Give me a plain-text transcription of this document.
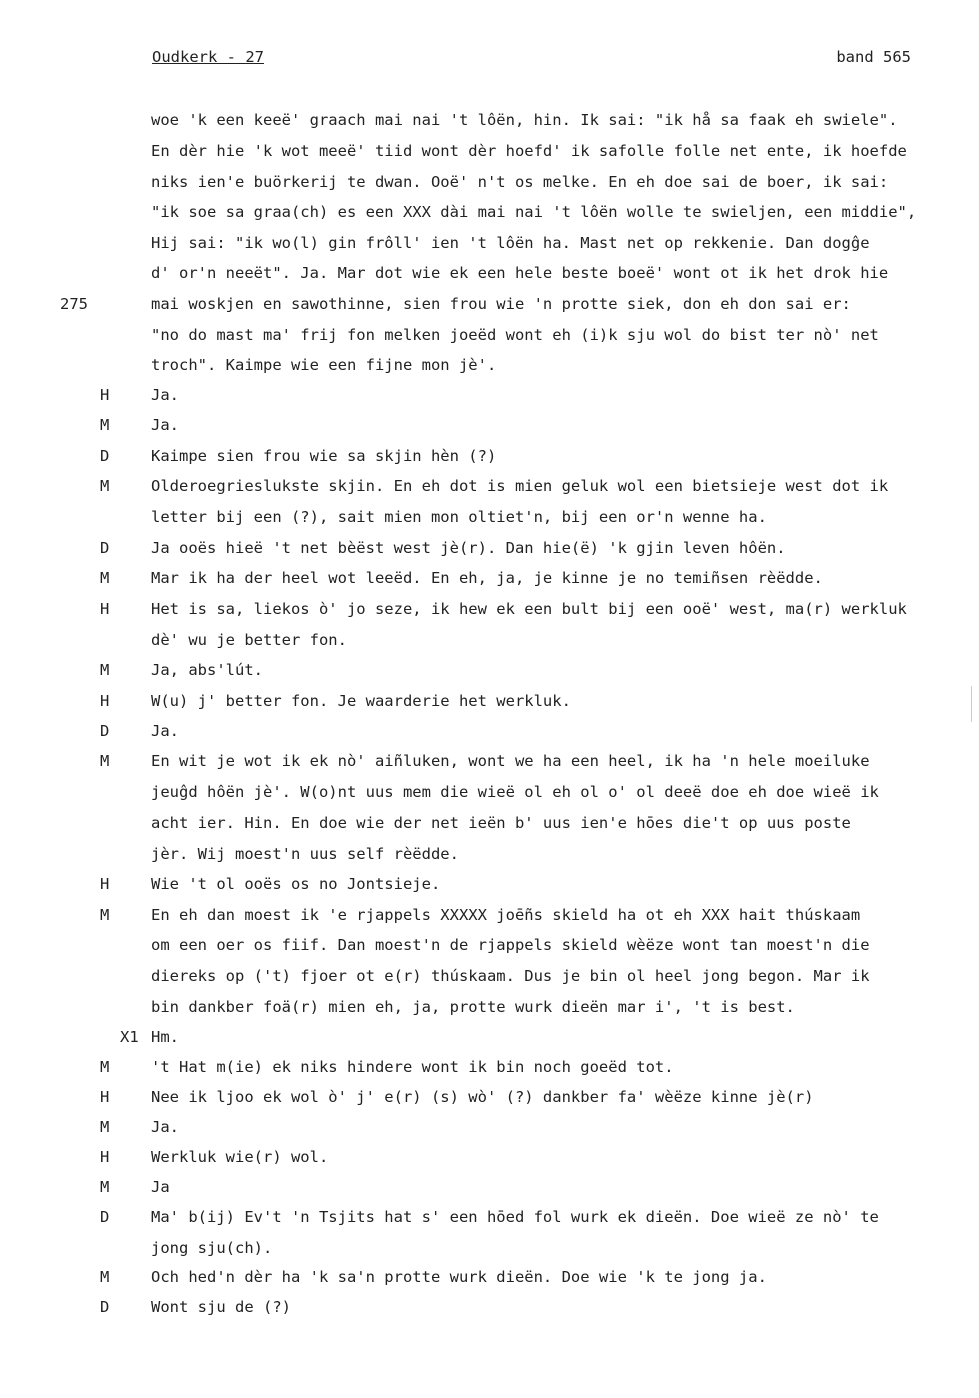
Oudkerk - 27	band 565
woe 'k een keeë' graach mai nai 't lôën, hin. Ik sai: "ik hå sa faak eh swiele".
En dèr hie 'k wot meeë' tiid wont dèr hoefd' ik safolle folle net ente, ik hoefde
niks ien'e buörkerij te dwan. Ooë' n't os melke. En eh doe sai de boer, ik sai:
"ik soe sa graa(ch) es een XXX dài mai nai 't lôën wolle te swieljen, een middie",
Hij sai: "ik wo(l) gin frôll' ien 't lôën ha. Mast net op rekkenie. Dan dogĝe
d' or'n neeët". Ja. Mar dot wie ek een hele beste boeë' wont ot ik het drok hie
275	mai woskjen en sawothinne, sien frou wie 'n protte siek, don eh don sai er:
"no do mast ma' frij fon melken joeëd wont eh (i)k sju wol do bist ter nò' net
troch". Kaimpe wie een fijne mon jè'.
H	Ja.
M	Ja.
D	Kaimpe sien frou wie sa skjin hèn (?)
M	Olderoegrieslukste skjin. En eh dot is mien geluk wol een bietsieje west dot ik
letter bij een (?), sait mien mon oltiet'n, bij een or'n wenne ha.
D	Ja ooës hieë 't net bèëst west jè(r). Dan hie(ë) 'k gjin leven hôën.
M	Mar ik ha der heel wot leeëd. En eh, ja, je kinne je no temiñsen rèëdde.
H	Het is sa, liekos ò' jo seze, ik hew ek een bult bij een ooë' west, ma(r) werkluk
dè' wu je better fon.
M	Ja, abs'lút.
H	W(u) j' better fon. Je waarderie het werkluk.
D	Ja.
M	En wit je wot ik ek nò' aiñluken, wont we ha een heel, ik ha 'n hele moeiluke
jeuĝd hôën jè'. W(o)nt uus mem die wieë ol eh ol o' ol deeë doe eh doe wieë ik
acht ier. Hin. En doe wie der net ieën b' uus ien'e hōes die't op uus poste
jèr. Wij moest'n uus self rèëdde.
H	Wie 't ol ooës os no Jontsieje.
M	En eh dan moest ik 'e rjappels XXXXX joēñs skield ha ot eh XXX hait thúskaam
om een oer os fiif. Dan moest'n de rjappels skield wèëze wont tan moest'n die
diereks op ('t) fjoer ot e(r) thúskaam. Dus je bin ol heel jong begon. Mar ik
bin dankber foä(r) mien eh, ja, protte wurk dieën mar i', 't is best.
X1 Hm.
M	't Hat m(ie) ek niks hindere wont ik bin noch goeëd tot.
H	Nee ik ljoo ek wol ò' j' e(r) (s) wò' (?) dankber fa' wèëze kinne jè(r)
M	Ja.
H	Werkluk wie(r) wol.
M	Ja
D	Ma' b(ij) Ev't 'n Tsjits hat s' een hōed fol wurk ek dieën. Doe wieë ze nò' te
jong sju(ch).
M	Och hed'n dèr ha 'k sa'n protte wurk dieën. Doe wie 'k te jong ja.
D	Wont sju de (?)
